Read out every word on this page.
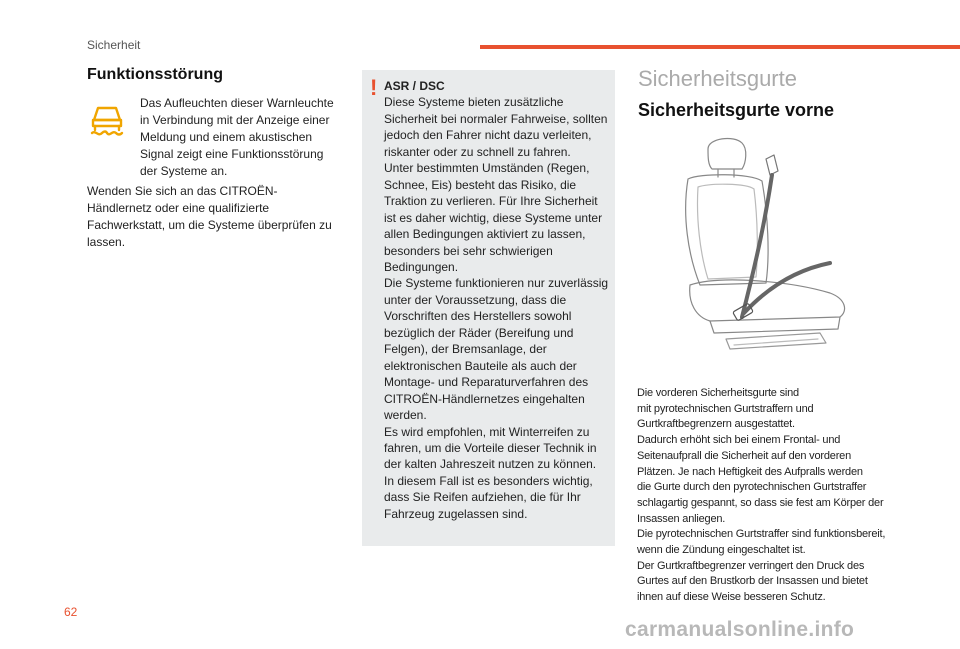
Sicherheit
Funktionsstörung
Das Aufleuchten dieser Warnleuchte in Verbindung mit der Anzeige einer Meldung und einem akustischen Signal zeigt eine Funktionsstörung der Systeme an.
Wenden Sie sich an das CITROËN-Händlernetz oder eine qualifizierte Fachwerkstatt, um die Systeme überprüfen zu lassen.
! ASR / DSC
Diese Systeme bieten zusätzliche Sicherheit bei normaler Fahrweise, sollten jedoch den Fahrer nicht dazu verleiten, riskanter oder zu schnell zu fahren.
Unter bestimmten Umständen (Regen, Schnee, Eis) besteht das Risiko, die Traktion zu verlieren. Für Ihre Sicherheit ist es daher wichtig, diese Systeme unter allen Bedingungen aktiviert zu lassen, besonders bei sehr schwierigen Bedingungen.
Die Systeme funktionieren nur zuverlässig unter der Voraussetzung, dass die Vorschriften des Herstellers sowohl bezüglich der Räder (Bereifung und Felgen), der Bremsanlage, der elektronischen Bauteile als auch der Montage- und Reparaturverfahren des CITROËN-Händlernetzes eingehalten werden.
Es wird empfohlen, mit Winterreifen zu fahren, um die Vorteile dieser Technik in der kalten Jahreszeit nutzen zu können.
In diesem Fall ist es besonders wichtig, dass Sie Reifen aufziehen, die für Ihr Fahrzeug zugelassen sind.
Sicherheitsgurte
Sicherheitsgurte vorne
Die vorderen Sicherheitsgurte sind
mit pyrotechnischen Gurtstraffern und
Gurtkraftbegrenzern ausgestattet.
Dadurch erhöht sich bei einem Frontal- und
Seitenaufprall die Sicherheit auf den vorderen
Plätzen. Je nach Heftigkeit des Aufpralls werden
die Gurte durch den pyrotechnischen Gurtstraffer
schlagartig gespannt, so dass sie fest am Körper der
Insassen anliegen.
Die pyrotechnischen Gurtstraffer sind funktionsbereit,
wenn die Zündung eingeschaltet ist.
Der Gurtkraftbegrenzer verringert den Druck des
Gurtes auf den Brustkorb der Insassen und bietet
ihnen auf diese Weise besseren Schutz.
62
carmanualsonline.info
